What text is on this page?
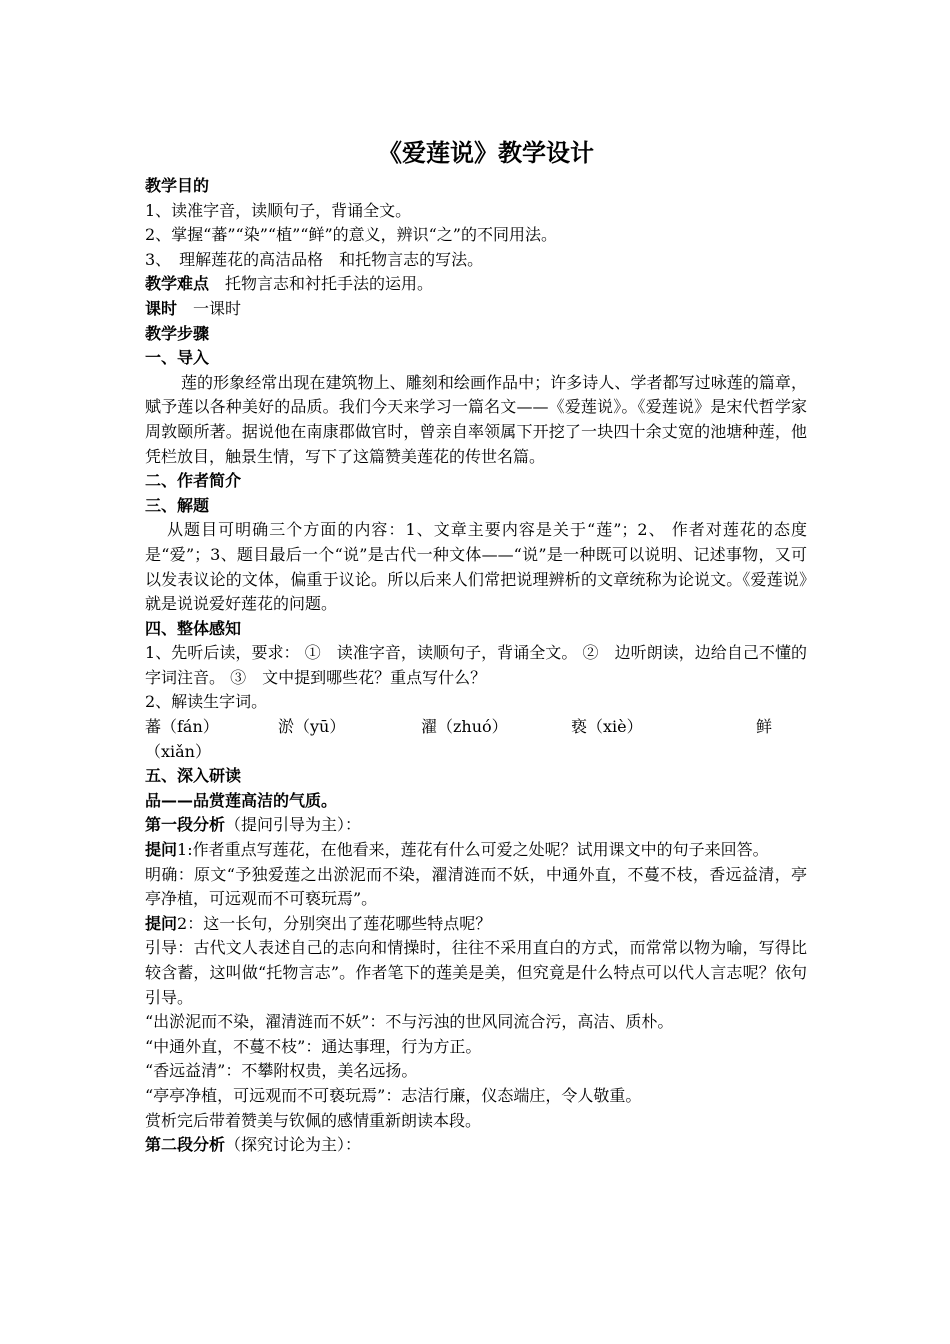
《爱莲说》教学设计
教学目的
1、读准字音，读顺句子，背诵全文。
2、掌握“蕃”“染”“植”“鲜”的意义，辨识“之”的不同用法。
3、　理解莲花的高洁品格　和托物言志的写法。
教学难点　托物言志和衬托手法的运用。
课时　一课时
教学步骤
一、导入
莲的形象经常出现在建筑物上、雕刻和绘画作品中；许多诗人、学者都写过咏莲的篇章，赋予莲以各种美好的品质。我们今天来学习一篇名文——《爱莲说》。《爱莲说》是宋代哲学家周敦颐所著。据说他在南康郡做官时，曾亲自率领属下开挖了一块四十余丈宽的池塘种莲，他凭栏放目，触景生情，写下了这篇赞美莲花的传世名篇。
二、作者简介
三、解题
从题目可明确三个方面的内容：1、文章主要内容是关于“莲”；2、 作者对莲花的态度是“爱”；3、题目最后一个“说”是古代一种文体——“说”是一种既可以说明、记述事物，又可以发表议论的文体，偏重于议论。所以后来人们常把说理辨析的文章统称为论说文。《爱莲说》就是说说爱好莲花的问题。
四、整体感知
1、先听后读，要求： ①　读准字音，读顺句子，背诵全文。 ②　边听朗读，边给自己不懂的字词注音。 ③　文中提到哪些花？重点写什么？
2、解读生字词。
蕃（fán）	淤（yū）	濯（zhuó）	亵（xiè）	鲜
（xiǎn）
五、深入研读
品——品赏莲高洁的气质。
第一段分析（提问引导为主）：
提问1:作者重点写莲花，在他看来，莲花有什么可爱之处呢？试用课文中的句子来回答。
明确：原文“予独爱莲之出淤泥而不染，濯清涟而不妖，中通外直，不蔓不枝，香远益清，亭亭净植，可远观而不可亵玩焉”。
提问2：这一长句，分别突出了莲花哪些特点呢？
引导：古代文人表述自己的志向和情操时，往往不采用直白的方式，而常常以物为喻，写得比较含蓄，这叫做“托物言志”。作者笔下的莲美是美，但究竟是什么特点可以代人言志呢？依句引导。
“出淤泥而不染，濯清涟而不妖”：不与污浊的世风同流合污，高洁、质朴。
“中通外直，不蔓不枝”：通达事理，行为方正。
“香远益清”：不攀附权贵，美名远扬。
“亭亭净植，可远观而不可亵玩焉”：志洁行廉，仪态端庄，令人敬重。
赏析完后带着赞美与钦佩的感情重新朗读本段。
第二段分析（探究讨论为主）：
